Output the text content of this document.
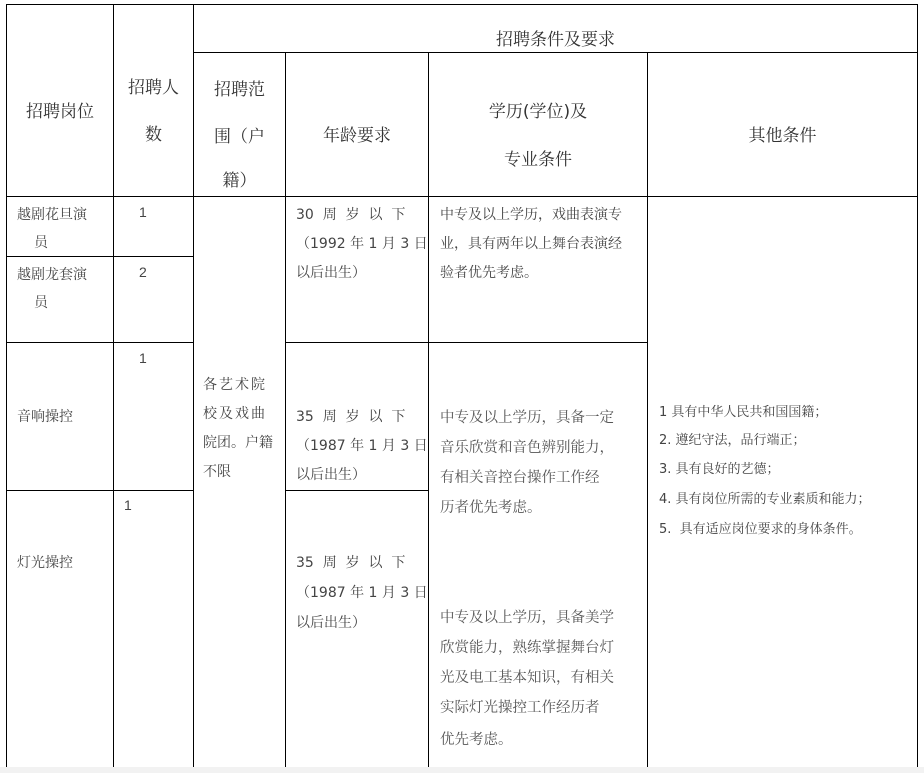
招聘岗位
招聘人
数
招聘条件及要求
招聘范
围（户
籍）
年龄要求
学历(学位)及
专业条件
其他条件
越剧花旦演
员
越剧龙套演
员
音响操控
灯光操控
1
2
1
1
各艺术院
校及戏曲
院团。户籍
不限
30  周  岁  以  下
（1992 年 1 月 3 日
以后出生）
35  周  岁  以  下
（1987 年 1 月 3 日
以后出生）
35  周  岁  以  下
（1987 年 1 月 3 日
以后出生）
中专及以上学历，戏曲表演专
业，具有两年以上舞台表演经
验者优先考虑。
中专及以上学历，具备一定
音乐欣赏和音色辨别能力，
有相关音控台操作工作经
历者优先考虑。
中专及以上学历，具备美学
欣赏能力，熟练掌握舞台灯
光及电工基本知识，有相关
实际灯光操控工作经历者
优先考虑。
1 具有中华人民共和国国籍；
2. 遵纪守法，品行端正；
3. 具有良好的艺德；
4. 具有岗位所需的专业素质和能力；
5.  具有适应岗位要求的身体条件。
